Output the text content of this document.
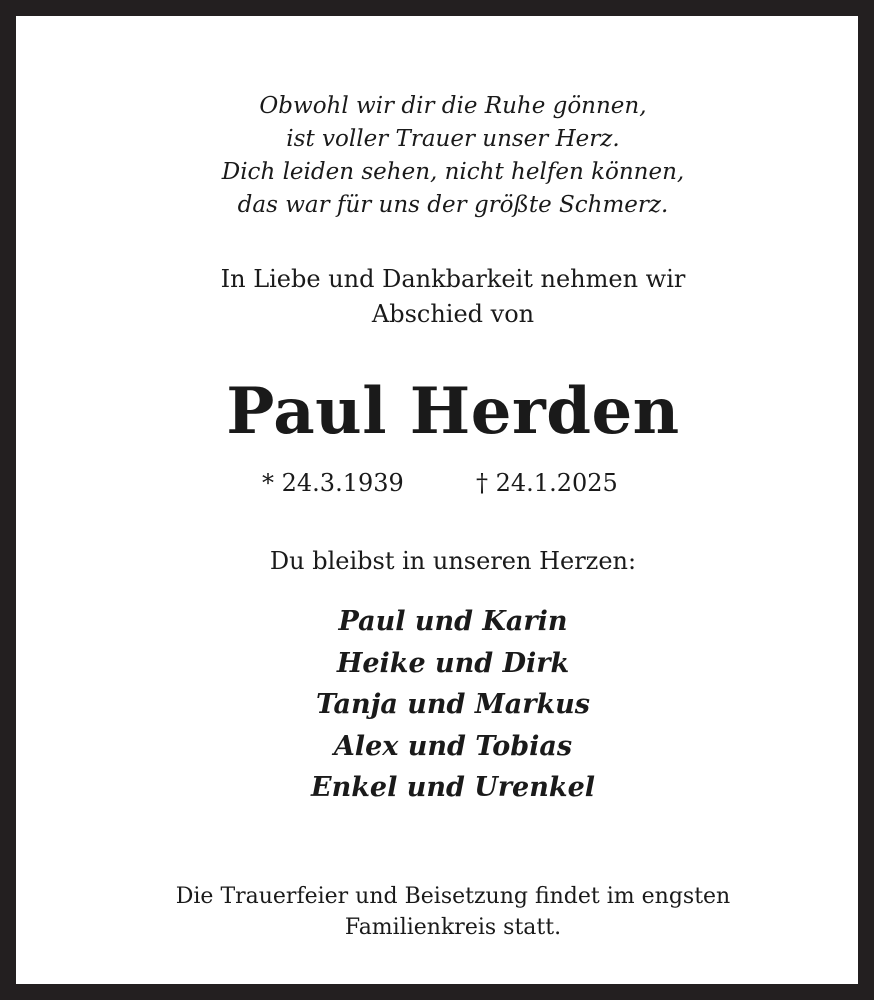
Obwohl wir dir die Ruhe gönnen,
ist voller Trauer unser Herz.
Dich leiden sehen, nicht helfen können,
das war für uns der größte Schmerz.
In Liebe und Dankbarkeit nehmen wir
Abschied von
Paul Herden
* 24.3.1939	† 24.1.2025
Du bleibst in unseren Herzen:
Paul und Karin
Heike und Dirk
Tanja und Markus
Alex und Tobias
Enkel und Urenkel
Die Trauerfeier und Beisetzung findet im engsten
Familienkreis statt.
